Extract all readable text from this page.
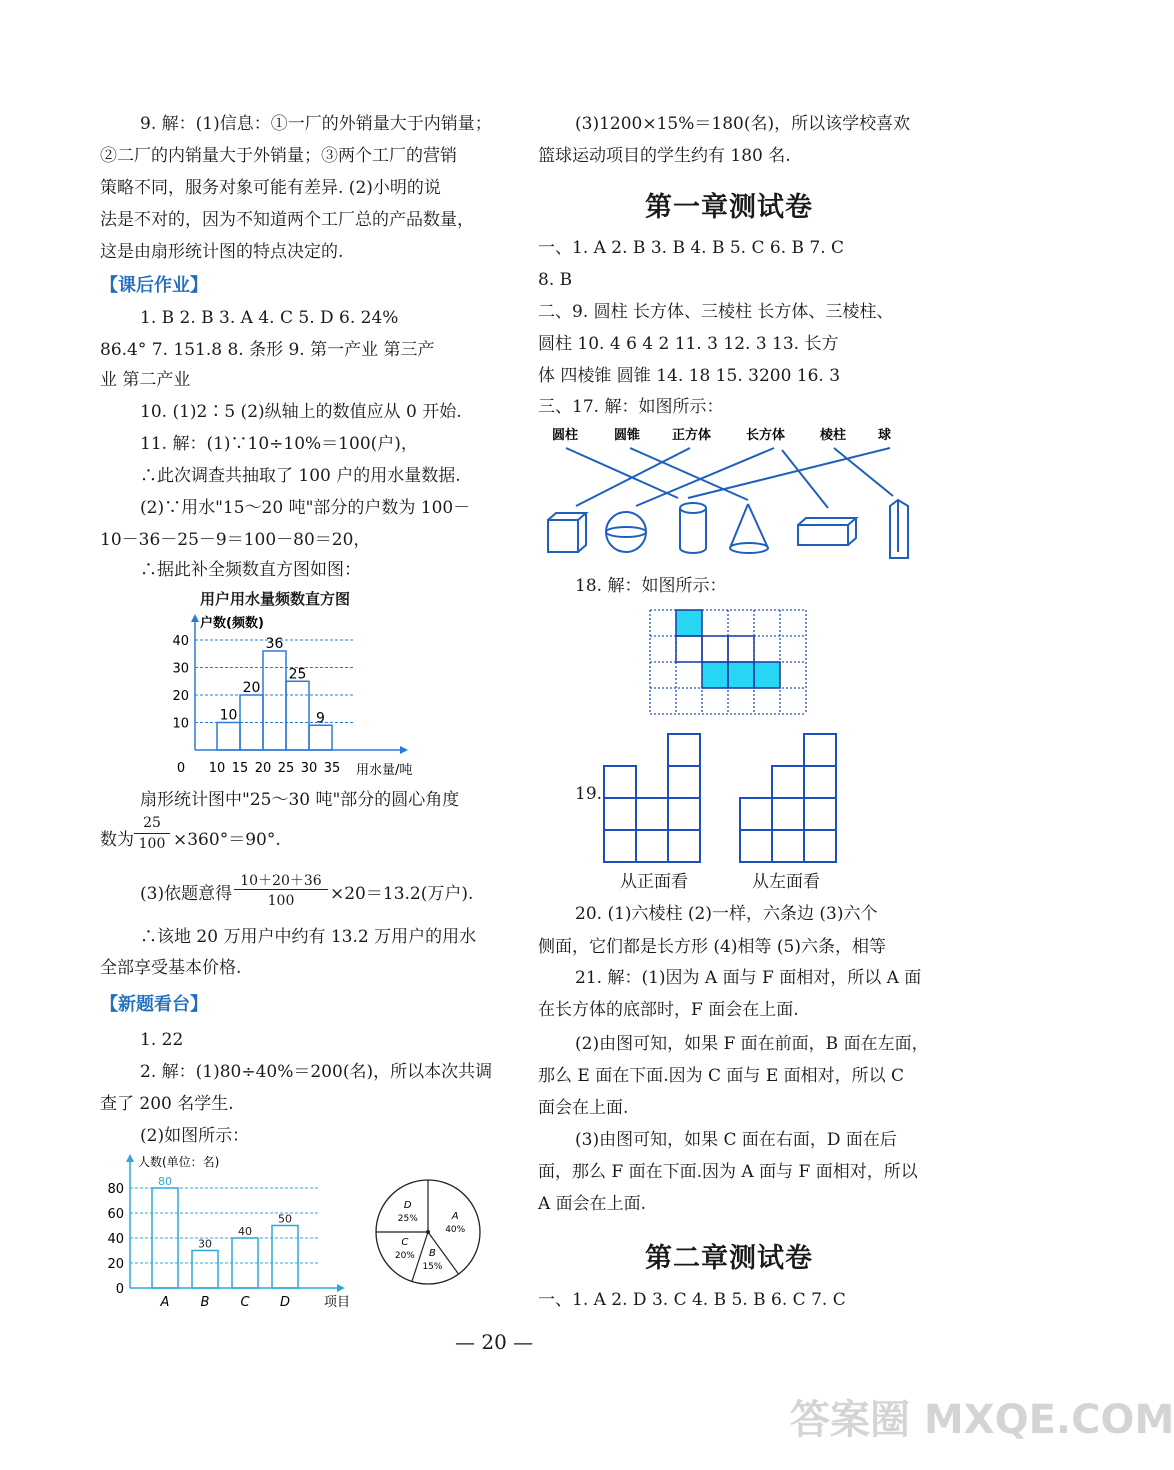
9. 解：(1)信息：①一厂的外销量大于内销量；
②二厂的内销量大于外销量；③两个工厂的营销
策略不同，服务对象可能有差异. (2)小明的说
法是不对的，因为不知道两个工厂总的产品数量，
这是由扇形统计图的特点决定的.
【课后作业】
1. B 2. B 3. A 4. C 5. D 6. 24%
86.4° 7. 151.8 8. 条形 9. 第一产业 第三产
业 第二产业
10. (1)2∶5 (2)纵轴上的数值应从 0 开始.
11. 解：(1)∵10÷10%＝100(户)，
∴此次调查共抽取了 100 户的用水量数据.
(2)∵用水"15～20 吨"部分的户数为 100－
10－36－25－9＝100－80＝20，
∴据此补全频数直方图如图：
用户用水量频数直方图
10
20
30
40
户数(频数)
0 10 15 20 25 30 35 用水量/吨
10
20
36
25
9
扇形统计图中"25～30 吨"部分的圆心角度
数为
25
100 ×360°＝90°.
(3)依题意得
10＋20＋36
100	×20＝13.2(万户).
∴该地 20 万用户中约有 13.2 万用户的用水
全部享受基本价格.
【新题看台】
1. 22
2. 解：(1)80÷40%＝200(名)，所以本次共调
查了 200 名学生.
(2)如图所示：
0
20
40
60
80
人数(单位：名)
80
A
30
B
40
C
50
D	项目
A
40%
B
15%
C
20%
D
25%
(3)1200×15%＝180(名)，所以该学校喜欢
篮球运动项目的学生约有 180 名.
第一章测试卷
一、1. A 2. B 3. B 4. B 5. C 6. B 7. C
8. B
二、9. 圆柱 长方体、三棱柱 长方体、三棱柱、
圆柱 10. 4 6 4 2 11. 3 12. 3 13. 长方
体 四棱锥 圆锥 14. 18 15. 3200 16. 3
三、17. 解：如图所示：
圆柱	圆锥 正方体	长方体	棱柱 球
18. 解：如图所示：
19.
从正面看	从左面看
20. (1)六棱柱 (2)一样，六条边 (3)六个
侧面，它们都是长方形 (4)相等 (5)六条，相等
21. 解：(1)因为 A 面与 F 面相对，所以 A 面
在长方体的底部时，F 面会在上面.
(2)由图可知，如果 F 面在前面，B 面在左面，
那么 E 面在下面.因为 C 面与 E 面相对，所以 C
面会在上面.
(3)由图可知，如果 C 面在右面，D 面在后
面，那么 F 面在下面.因为 A 面与 F 面相对，所以
A 面会在上面.
第二章测试卷
一、1. A 2. D 3. C 4. B 5. B 6. C 7. C
— 20 —
答案圈 MXQE.COM
